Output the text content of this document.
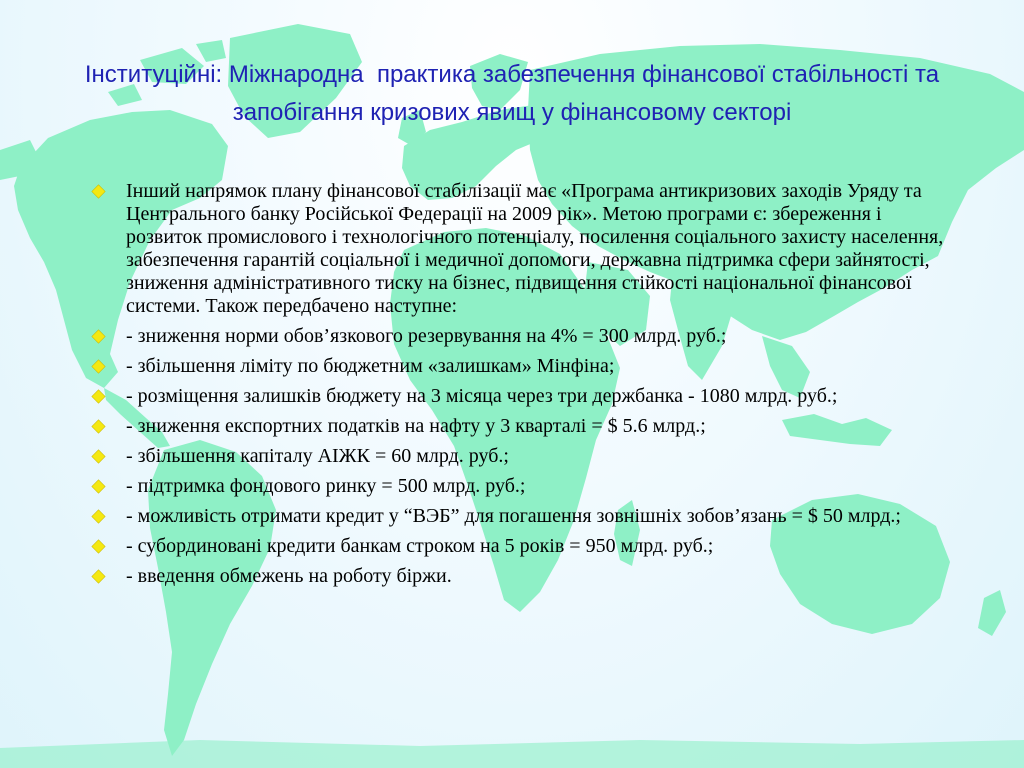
Інституційні: Міжнародна  практика забезпечення фінансової стабільності та запобігання кризових явищ у фінансовому секторі
Інший напрямок плану фінансової стабілізації має «Програма антикризових заходів Уряду та Центрального банку Російської Федерації на 2009 рік». Метою програми є: збереження і розвиток промислового і технологічного потенціалу, посилення соціального захисту населення, забезпечення гарантій соціальної і медичної допомоги, державна підтримка сфери зайнятості, зниження адміністративного тиску на бізнес, підвищення стійкості національної фінансової системи. Також передбачено наступне:
- зниження норми обов’язкового резервування на 4% = 300 млрд. руб.;
- збільшення ліміту по бюджетним «залишкам» Мінфіна;
- розміщення залишків бюджету на 3 місяца через три держбанка - 1080 млрд. руб.;
- зниження експортних податків на нафту у 3 кварталі = $ 5.6 млрд.;
- збільшення капіталу АІЖК = 60 млрд. руб.;
- підтримка фондового ринку = 500 млрд. руб.;
- можливість отримати кредит у “ВЭБ” для погашення зовнішніх зобов’язань = $ 50 млрд.;
- субординовані кредити банкам строком на 5 років = 950 млрд. руб.;
- введення обмежень на роботу біржи.
